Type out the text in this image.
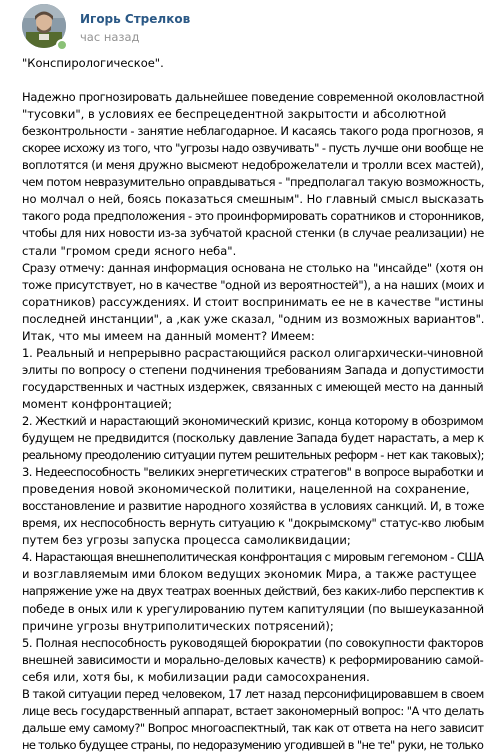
Игорь Стрелков
час назад
"Конспирологическое".
Надежно прогнозировать дальнейшее поведение современной околовластной
"тусовки", в условиях ее беспрецедентной закрытости и абсолютной
безконтрольности - занятие неблагодарное. И касаясь такого рода прогнозов, я
скорее исхожу из того, что "угрозы надо озвучивать" - пусть лучше они вообще не
воплотятся (и меня дружно высмеют недоброжелатели и тролли всех мастей),
чем потом невразумительно оправдываться - "предполагал такую возможность,
но молчал о ней, боясь показаться смешным". Но главный смысл высказать
такого рода предположения - это проинформировать соратников и сторонников,
чтобы для них новости из-за зубчатой красной стенки (в случае реализации) не
стали "громом среди ясного неба".
Сразу отмечу: данная информация основана не столько на "инсайде" (хотя он
тоже присутствует, но в качестве "одной из вероятностей"), а на наших (моих и
соратников) рассуждениях. И стоит воспринимать ее не в качестве "истины
последней инстанции", а ,как уже сказал, "одним из возможных вариантов".
Итак, что мы имеем на данный момент? Имеем:
1. Реальный и непрерывно расрастающийся раскол олигархически-чиновной
элиты по вопросу о степени подчинения требованиям Запада и допустимости
государственных и частных издержек, связанных с имеющей место на данный
момент конфронтацией;
2. Жесткий и нарастающий экономический кризис, конца которому в обозримом
будущем не предвидится (поскольку давление Запада будет нарастать, а мер к
реальному преодолению ситуации путем решительных реформ - нет как таковых);
3. Недееспособность "великих энергетических стратегов" в вопросе выработки и
проведения новой экономической политики, нацеленной на сохранение,
восстановление и развитие народного хозяйства в условиях санкций. И, в тоже
время, их неспособность вернуть ситуацию к "докрымскому" статус-кво любым
путем без угрозы запуска процесса самоликвидации;
4. Нарастающая внешнеполитическая конфронтация с мировым гегемоном - США
и возглавляемым ими блоком ведущих экономик Мира, а также растущее
напряжение уже на двух театрах военных действий, без каких-либо перспектив к
победе в оных или к урегулированию путем капитуляции (по вышеуказанной
причине угрозы внутриполитических потрясений);
5. Полная неспособность руководящей бюрократии (по совокупности факторов
внешней зависимости и морально-деловых качеств) к реформированию самой-
себя или, хотя бы, к мобилизации ради самосохранения.
В такой ситуации перед человеком, 17 лет назад персонифицировавшем в своем
лице весь государственный аппарат, встает закономерный вопрос: "А что делать
дальше ему самому?" Вопрос многоаспектный, так как от ответа на него зависит
не только будущее страны, по недоразумению угодившей в "не те" руки, не только
